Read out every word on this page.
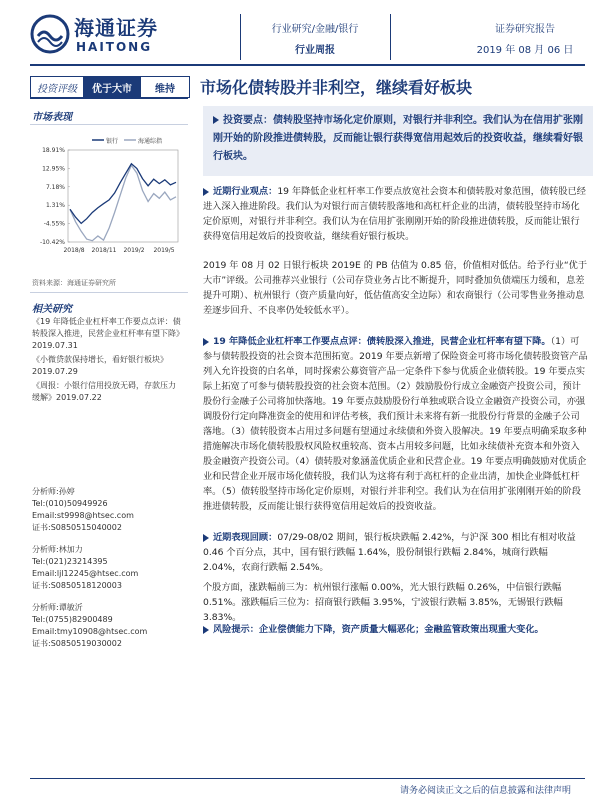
海通证券
HAITONG
行业研究/金融/银行
行业周报
证券研究报告
2019 年 08 月 06 日
投资评级	优于大市	维持	市场化债转股并非利空，继续看好板块
市场表现
银行	海通综指
18.91%
12.95%
7.18%
1.31%
-4.55%
-10.42%
2018/8 2018/11 2019/2 2019/5
资料来源：海通证券研究所
相关研究
《19 年降低企业杠杆率工作要点点评：债转股深入推进，民营企业杠杆率有望下降》2019.07.31
《小微贷款保持增长，看好银行板块》2019.07.29
《周报：小银行信用投放无碍，存款压力缓解》2019.07.22
分析师:孙婷
Tel:(010)50949926
Email:st9998@htsec.com
证书:S0850515040002
分析师:林加力
Tel:(021)23214395
Email:ljl12245@htsec.com
证书:S0850518120003
分析师:谭敏沂
Tel:(0755)82900489
Email:tmy10908@htsec.com
证书:S0850519030002
投资要点：债转股坚持市场化定价原则，对银行并非利空。我们认为在信用扩张刚刚开始的阶段推进债转股，反而能让银行获得宽信用起效后的投资收益，继续看好银行板块。
近期行业观点：19 年降低企业杠杆率工作要点放宽社会资本和债转股对象范围，债转股已经进入深入推进阶段。我们认为对银行而言债转股落地和高杠杆企业的出清，债转股坚持市场化定价原则，对银行并非利空。我们认为在信用扩张刚刚开始的阶段推进债转股，反而能让银行获得宽信用起效后的投资收益，继续看好银行板块。
2019 年 08 月 02 日银行板块 2019E 的 PB 估值为 0.85 倍，价值相对低估。给予行业“优于大市”评级。公司推荐兴业银行（公司存贷业务占比不断提升，同时叠加负债端压力缓和，息差提升可期）、杭州银行（资产质量向好，低估值高安全边际）和农商银行（公司零售业务推动息差逐步回升、不良率仍处较低水平）。
19 年降低企业杠杆率工作要点点评：债转股深入推进，民营企业杠杆率有望下降。（1）可参与债转股投资的社会资本范围拓宽。2019 年要点新增了保险资金可将市场化债转股资管产品列入允许投资的白名单，同时探索公募资管产品一定条件下参与优质企业债转股。19 年要点实际上拓宽了可参与债转股投资的社会资本范围。（2）鼓励股份行成立金融资产投资公司，预计股份行金融子公司将加快落地。19 年要点鼓励股份行单独或联合设立金融资产投资公司，亦强调股份行定向降准资金的使用和评估考核，我们预计未来将有新一批股份行背景的金融子公司落地。（3）债转股资本占用过多问题有望通过永续债和外资入股解决。19 年要点明确采取多种措施解决市场化债转股股权风险权重较高、资本占用较多问题，比如永续债补充资本和外资入股金融资产投资公司。（4）债转股对象涵盖优质企业和民营企业。19 年要点明确鼓励对优质企业和民营企业开展市场化债转股，我们认为这将有利于高杠杆的企业出清，加快企业降低杠杆率。（5）债转股坚持市场化定价原则，对银行并非利空。我们认为在信用扩张刚刚开始的阶段推进债转股，反而能让银行获得宽信用起效后的投资收益。
近期表现回顾：07/29-08/02 期间，银行板块跌幅 2.42%，与沪深 300 相比有相对收益 0.46 个百分点，其中，国有银行跌幅 1.64%，股份制银行跌幅 2.84%，城商行跌幅 2.04%，农商行跌幅 2.54%。
个股方面，涨跌幅前三为：杭州银行涨幅 0.00%，光大银行跌幅 0.26%，中信银行跌幅 0.51%。涨跌幅后三位为：招商银行跌幅 3.95%，宁波银行跌幅 3.85%，无锡银行跌幅 3.83%。
风险提示：企业偿债能力下降，资产质量大幅恶化；金融监管政策出现重大变化。
请务必阅读正文之后的信息披露和法律声明
